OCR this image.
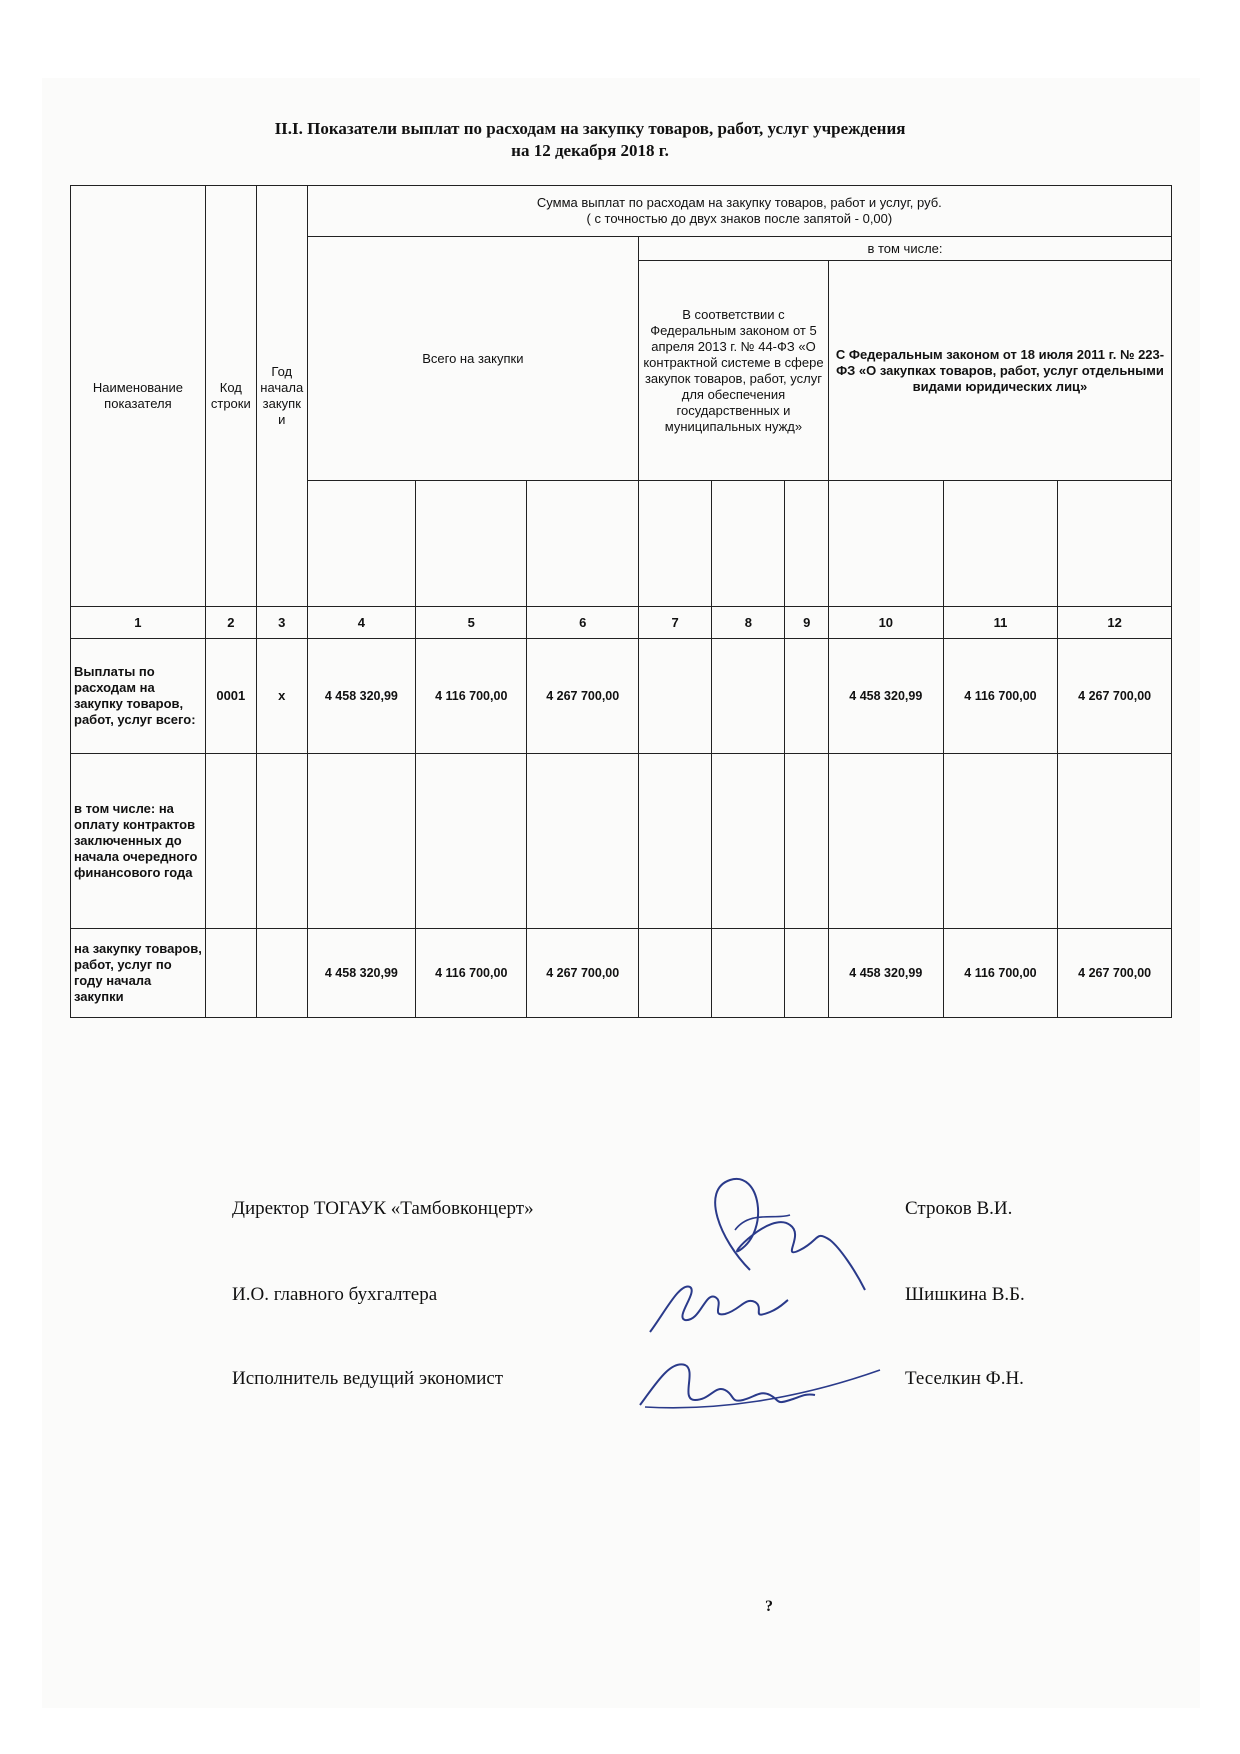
II.I. Показатели выплат по расходам на закупку товаров, работ, услуг учреждения
на 12 декабря 2018 г.
Наименование показателя	Код строки	Год начала закупки	Сумма выплат по расходам на закупку товаров, работ и услуг, руб.
( с точностью до двух знаков после запятой - 0,00)								

			Всего на закупки			в том числе:					
						В соответствии с Федеральным законом от 5 апреля 2013 г. № 44-ФЗ «О контрактной системе в сфере закупок товаров, работ, услуг для обеспечения государственных и муниципальных нужд»			С Федеральным законом от 18 июля 2011 г. № 223-ФЗ «О закупках товаров, работ, услуг отдельными видами юридических лиц»		

1	2	3	4	5	6	7	8	9	10	11	12
Выплаты по расходам на закупку товаров, работ, услуг всего:	0001	х	4 458 320,99	4 116 700,00	4 267 700,00				4 458 320,99	4 116 700,00	4 267 700,00
в том числе: на оплату контрактов заключенных до начала очередного финансового года											
на закупку товаров, работ, услуг по году начала закупки			4 458 320,99	4 116 700,00	4 267 700,00				4 458 320,99	4 116 700,00	4 267 700,00
Директор ТОГАУК «Тамбовконцерт»	Строков В.И.
И.О. главного бухгалтера	Шишкина В.Б.
Исполнитель ведущий экономист	Теселкин Ф.Н.
?
